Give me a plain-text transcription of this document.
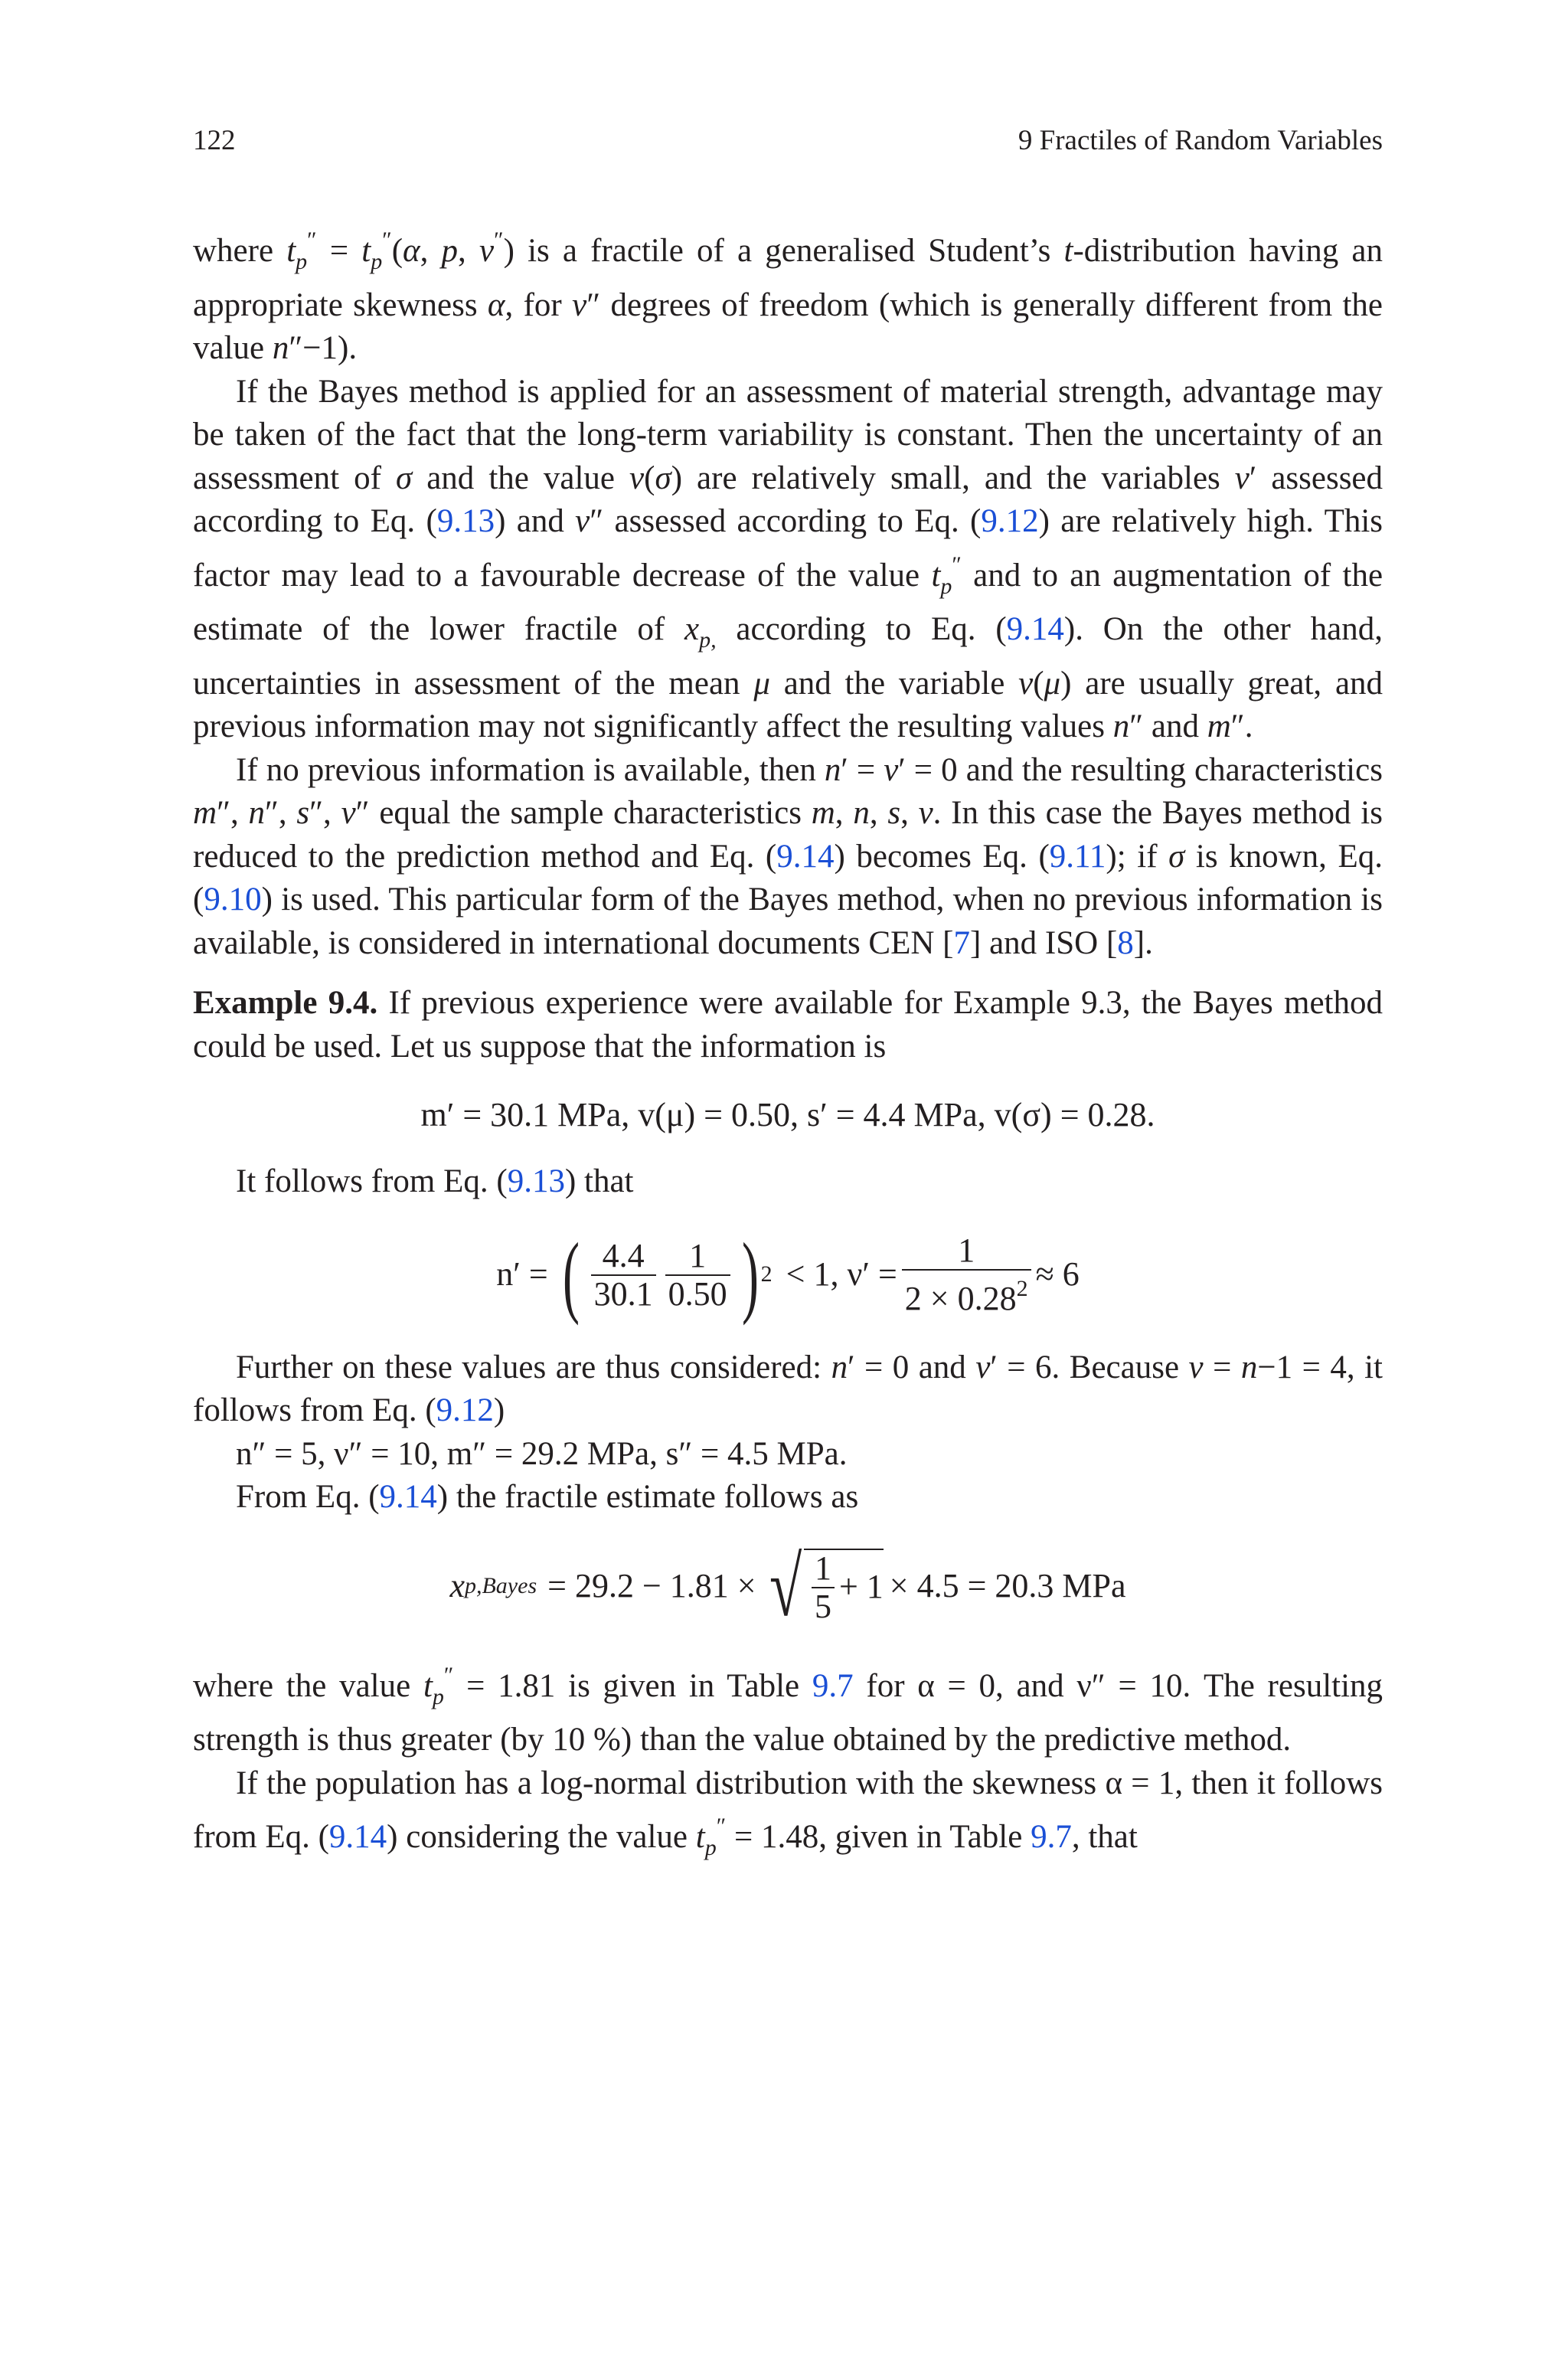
122	9 Fractiles of Random Variables

where $t_p'' = t_p''(\alpha$, p, ν″) is a fractile of a generalised Student’s t-distribution having an appropriate skewness α, for ν″ degrees of freedom (which is generally different from the value n″−1).

If the Bayes method is applied for an assessment of material strength, advantage may be taken of the fact that the long-term variability is constant. Then the uncertainty of an assessment of σ and the value v(σ) are relatively small, and the variables ν′ assessed according to Eq. (9.13) and ν″ assessed according to Eq. (9.12) are relatively high. This factor may lead to a favourable decrease of the value $t_p''$ and to an augmentation of the estimate of the lower fractile of $x_{p,}$ according to Eq. (9.14). On the other hand, uncertainties in assessment of the mean μ and the variable v(μ) are usually great, and previous information may not significantly affect the resulting values n″ and m″.

If no previous information is available, then n′ = ν′ = 0 and the resulting characteristics m″, n″, s″, ν″ equal the sample characteristics m, n, s, ν. In this case the Bayes method is reduced to the prediction method and Eq. (9.14) becomes Eq. (9.11); if σ is known, Eq. (9.10) is used. This particular form of the Bayes method, when no previous information is available, is considered in international documents CEN [7] and ISO [8].

Example 9.4. If previous experience were available for Example 9.3, the Bayes method could be used. Let us suppose that the information is

m′ = 30.1 MPa, v(μ) = 0.50, s′ = 4.4 MPa, v(σ) = 0.28.

It follows from Eq. (9.13) that

n′ = ( $\frac{4.4}{30.1} \frac{1}{0.50}$ ) 2 < 1, $\nu' = \frac{1}{2 \times 0.28^2} \approx 6$

Further on these values are thus considered: n′ = 0 and ν′ = 6. Because ν = n−1 = 4, it follows from Eq. (9.12)

n″ = 5, ν″ = 10, m″ = 29.2 MPa, s″ = 4.5 MPa.

From Eq. (9.14) the fractile estimate follows as

x p,Bayes = 29.2 − 1.81 × √ $\frac{1}{5} + 1 \times 4.5 = 20.3$ MPa

where the value $t_p'' = 1.81$ is given in Table 9.7 for α = 0, and ν″ = 10. The resulting strength is thus greater (by 10 %) than the value obtained by the predictive method.

If the population has a log-normal distribution with the skewness α = 1, then it follows from Eq. (9.14) considering the value $t_p'' = 1.48$, given in Table 9.7, that
